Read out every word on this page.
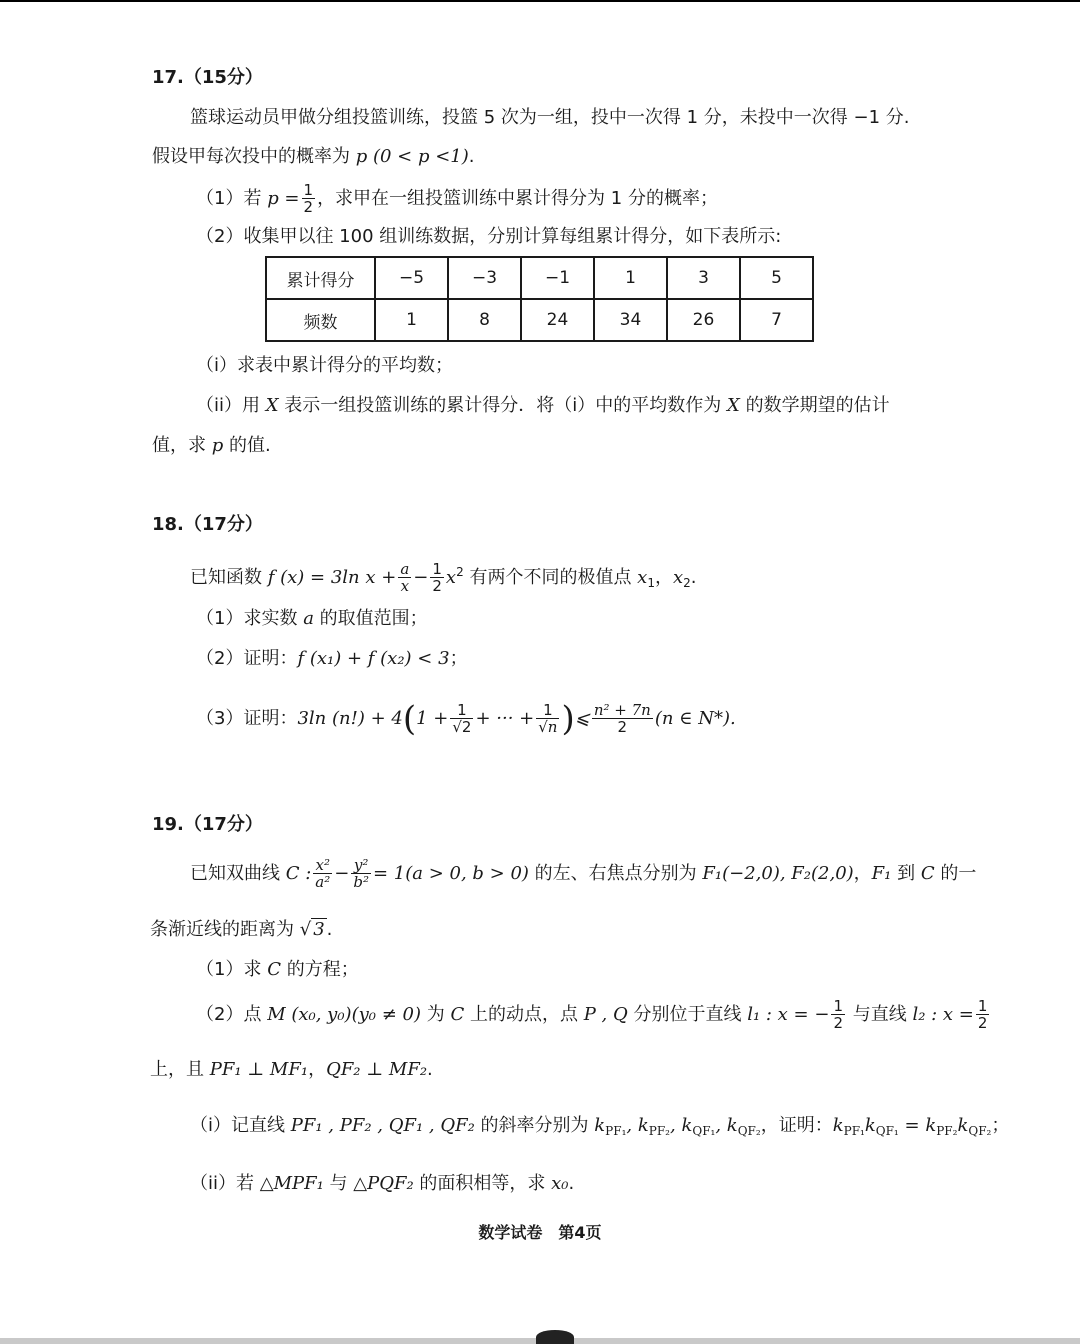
17.（15分）
篮球运动员甲做分组投篮训练，投篮 5 次为一组，投中一次得 1 分，未投中一次得 −1 分.
假设甲每次投中的概率为 p (0 < p <1).
（1）若 $p = \frac{1}{2}$ ，求甲在一组投篮训练中累计得分为 1 分的概率；
（2）收集甲以往 100 组训练数据，分别计算每组累计得分，如下表所示:
累计得分	−5	−3	−1	1	3	5
频数	1	8	24	34	26	7
（i）求表中累计得分的平均数；
（ii）用 X 表示一组投篮训练的累计得分．将（i）中的平均数作为 X 的数学期望的估计
值，求 p 的值.
18.（17分）
已知函数 f (x) = 3ln $x + \frac{a}{x} - \frac{1}{2} x^2$ 有两个不同的极值点 $x_1$，$x_2$.
（1）求实数 a 的取值范围；
（2）证明：f (x₁) + f (x₂) < 3；
（3）证明：3ln $(n!) + 4(1 + \frac{1}{√2}$ + ··· + $\frac{1}{√n}$ )⩽ $\frac{\text{n² + 7n}}{2} (n$ ∈ N*).
19.（17分）
已知双曲线 C : $\frac{\text{x²}}{\text{a²}} - \frac{\text{y²}}{\text{b²}} = 1(a > 0$, b > 0) 的左、右焦点分别为 F₁(−2,0), F₂(2,0)，F₁ 到 C 的一
条渐近线的距离为 √ 3 .
（1）求 C 的方程；
（2）点 M (x₀, y₀)(y₀ ≠ 0) 为 C 上的动点，点 P , Q 分别位于直线 l₁ : x = − $\frac{1}{2}$ 与直线 l₂ : $x = \frac{1}{2}$
上，且 PF₁ ⊥ MF₁，QF₂ ⊥ MF₂.
（i）记直线 PF₁ , PF₂ , QF₁ , QF₂ 的斜率分别为 $k_{PF_1}$, $k_{PF_2}$, $k_{QF_1}$, $k_{QF_2}$，证明：$k_{PF_1}k_{QF_1} = k_{PF_2}k_{QF_2}$；
（ii）若 △MPF₁ 与 △PQF₂ 的面积相等，求 x₀.
数学试卷　第4页
